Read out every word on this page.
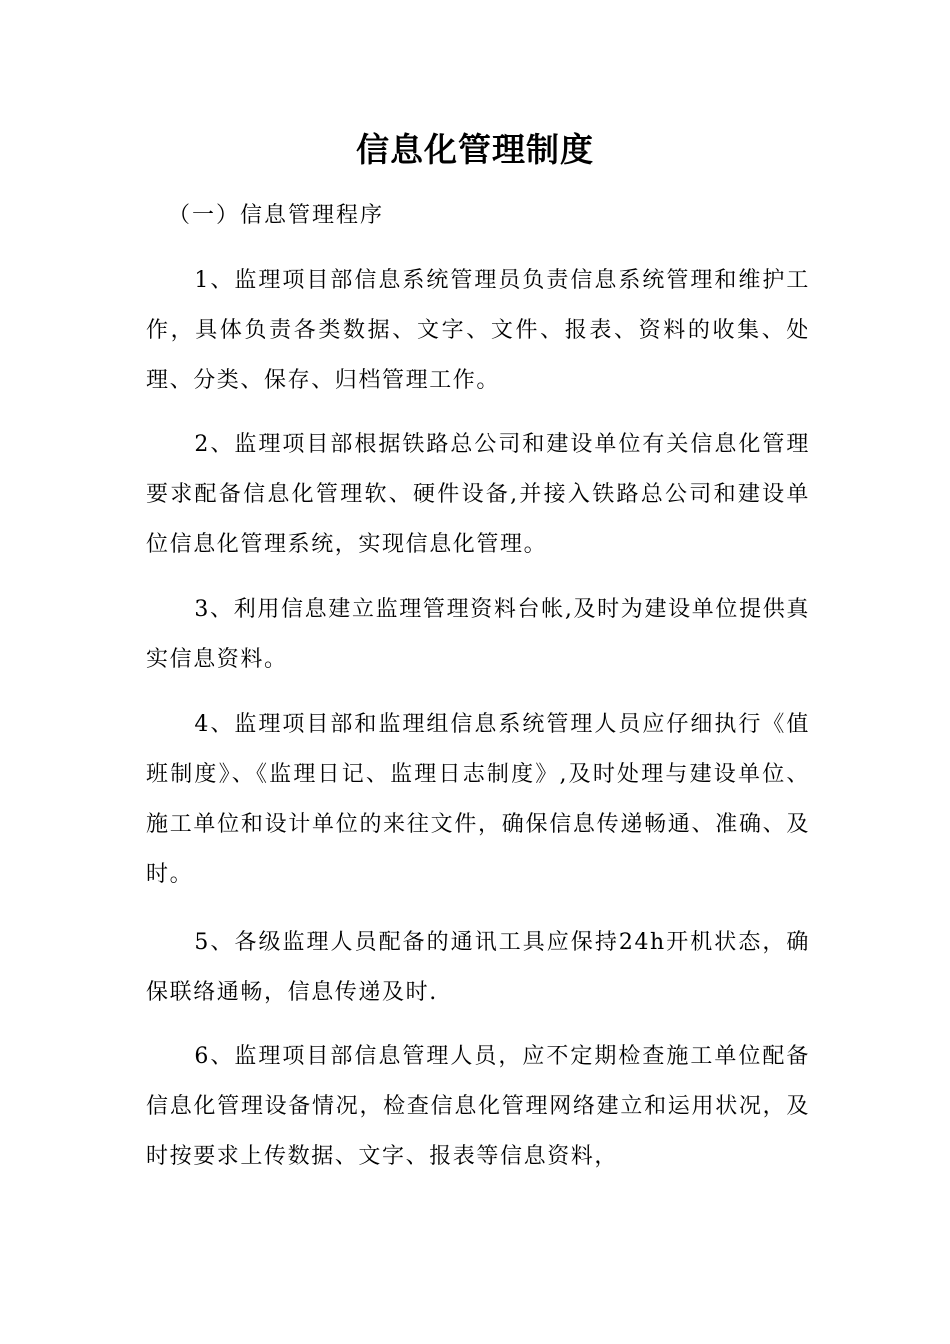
信息化管理制度
（一）信息管理程序

1、监理项目部信息系统管理员负责信息系统管理和维护工作，具体负责各类数据、文字、文件、报表、资料的收集、处理、分类、保存、归档管理工作。

2、监理项目部根据铁路总公司和建设单位有关信息化管理要求配备信息化管理软、硬件设备,并接入铁路总公司和建设单位信息化管理系统，实现信息化管理。

3、利用信息建立监理管理资料台帐,及时为建设单位提供真实信息资料。

4、监理项目部和监理组信息系统管理人员应仔细执行《值班制度》、《监理日记、监理日志制度》,及时处理与建设单位、施工单位和设计单位的来往文件，确保信息传递畅通、准确、及时。

5、各级监理人员配备的通讯工具应保持24h开机状态，确保联络通畅，信息传递及时.

6、监理项目部信息管理人员，应不定期检查施工单位配备信息化管理设备情况，检查信息化管理网络建立和运用状况，及时按要求上传数据、文字、报表等信息资料，
